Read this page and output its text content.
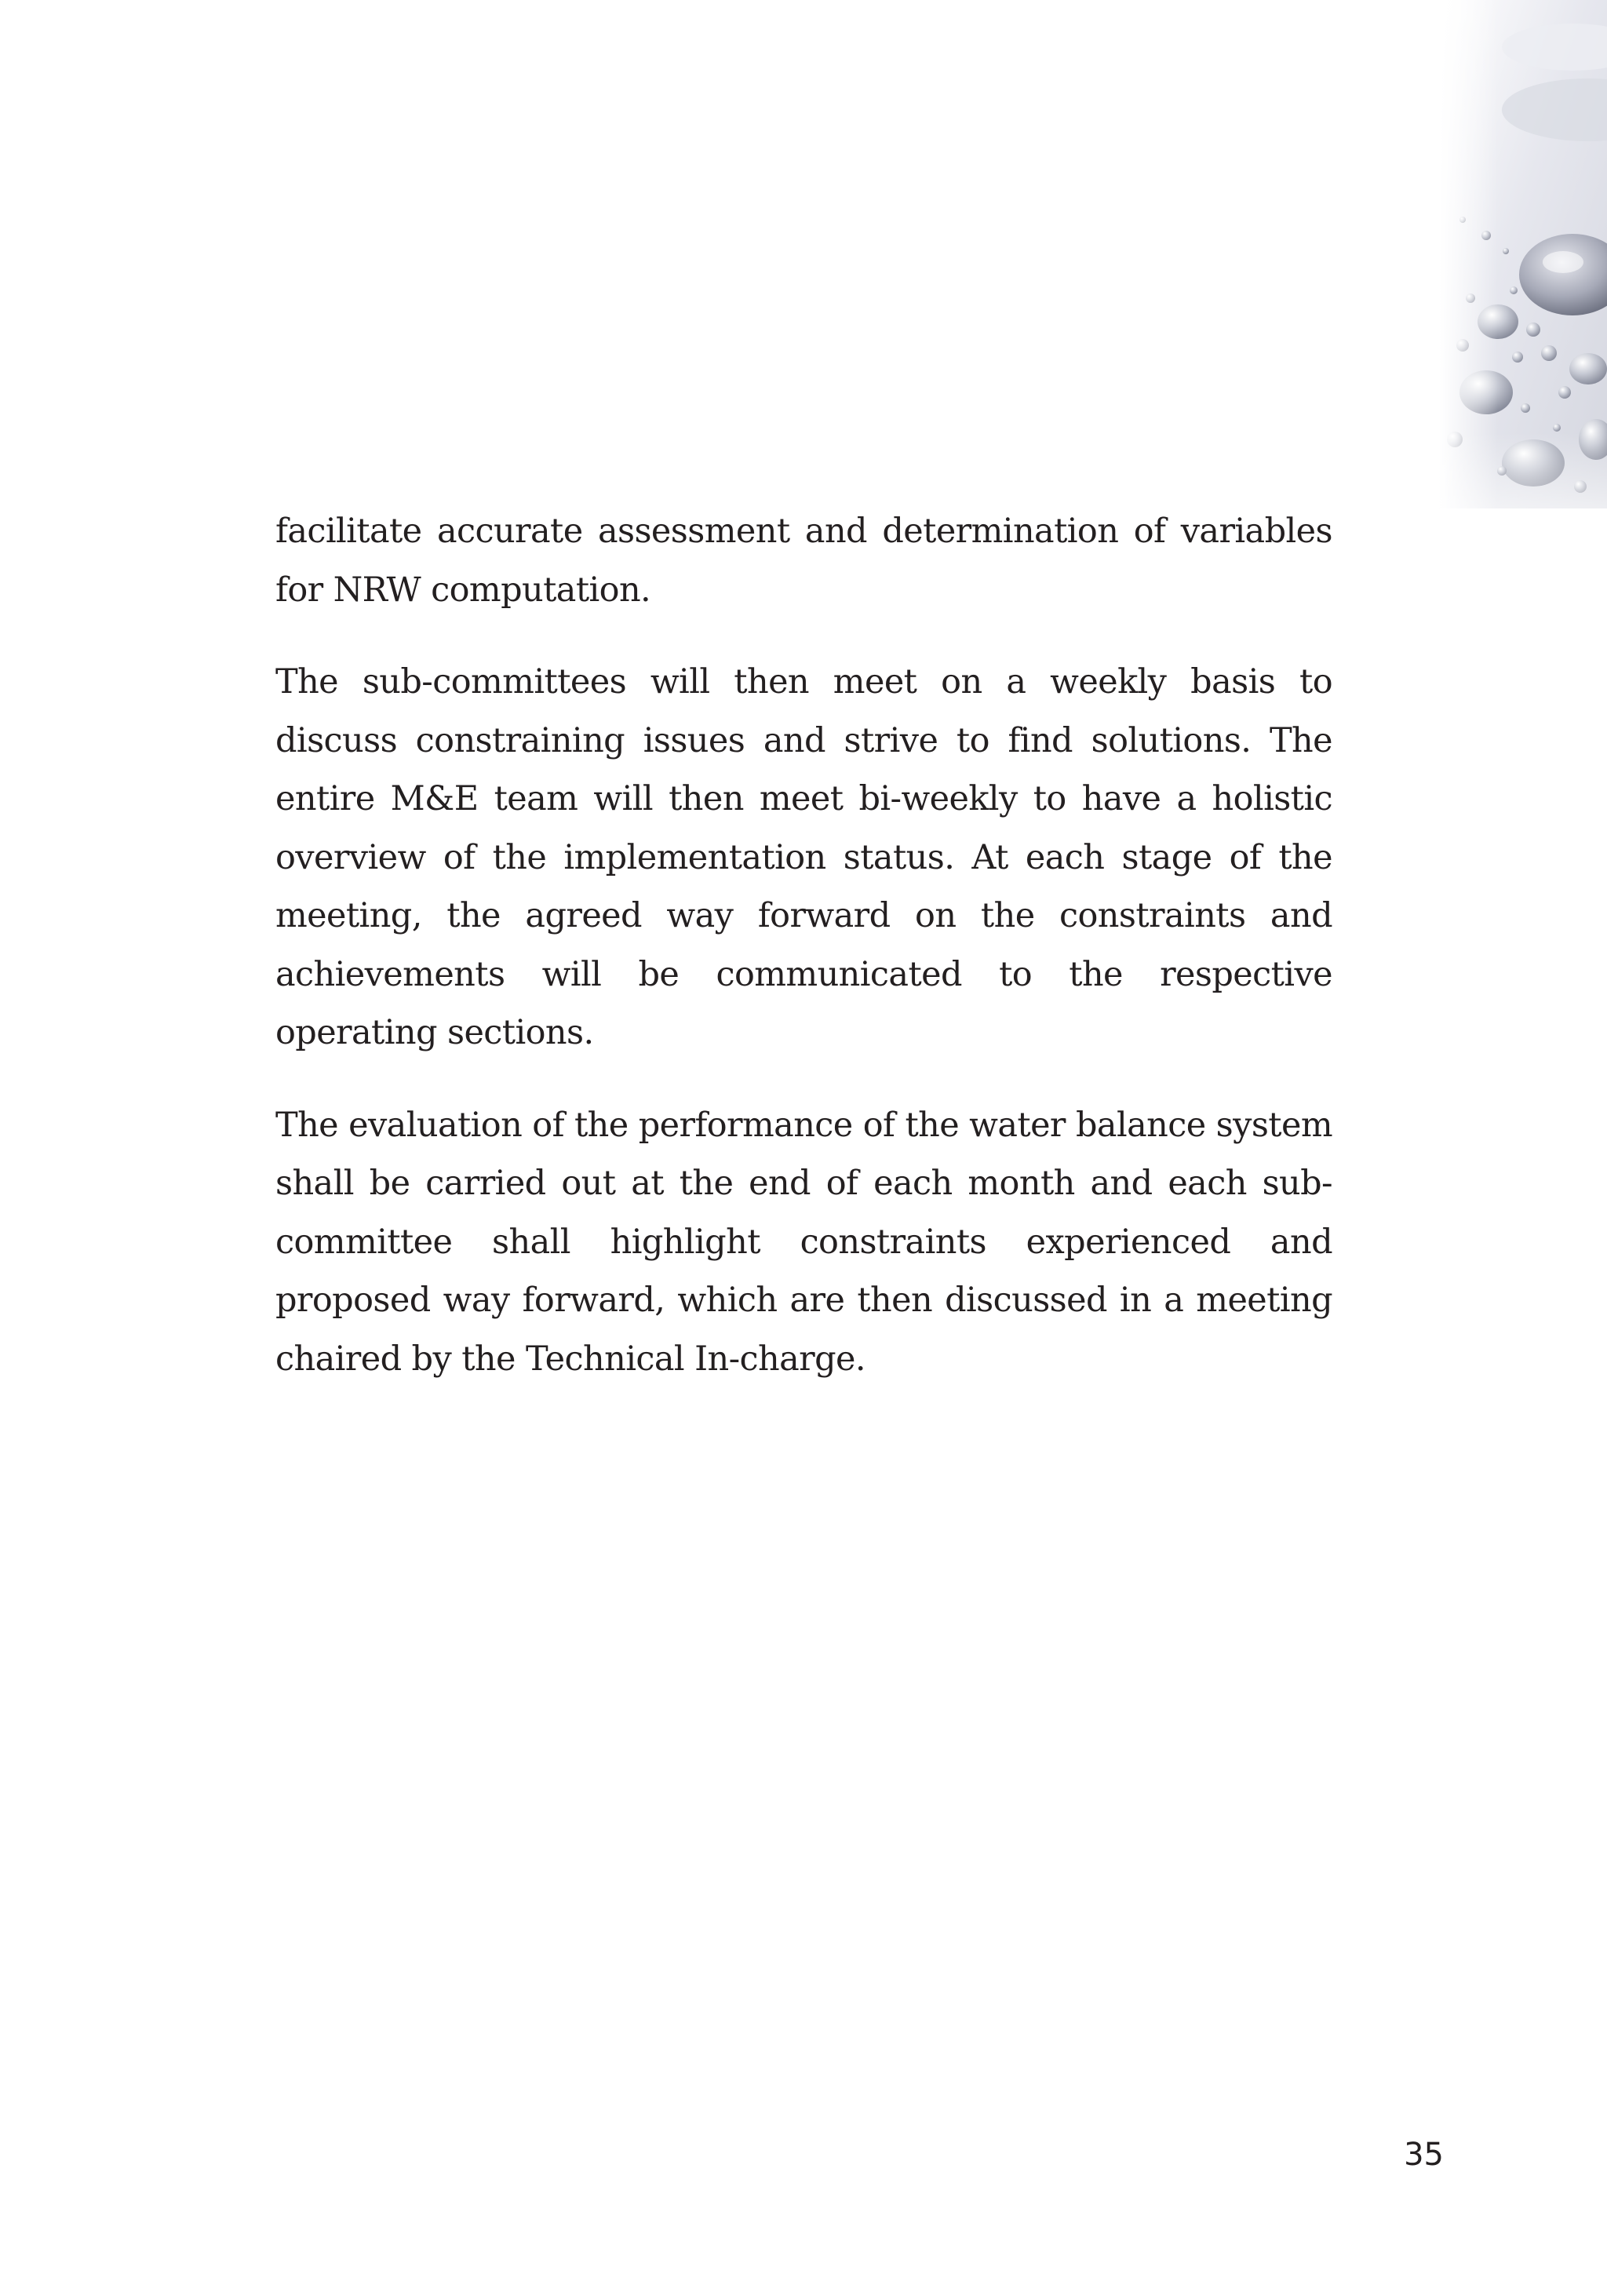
facilitate accurate assessment and determination of variables for NRW computation.

The sub-committees will then meet on a weekly basis to discuss constraining issues and strive to find solutions. The entire M&E team will then meet bi-weekly to have a holistic overview of the implementation status. At each stage of the meeting, the agreed way forward on the constraints and achievements will be communicated to the respective operating sections.

The evaluation of the performance of the water balance system shall be carried out at the end of each month and each sub-committee shall highlight constraints experienced and proposed way forward, which are then discussed in a meeting chaired by the Technical In-charge.

35
